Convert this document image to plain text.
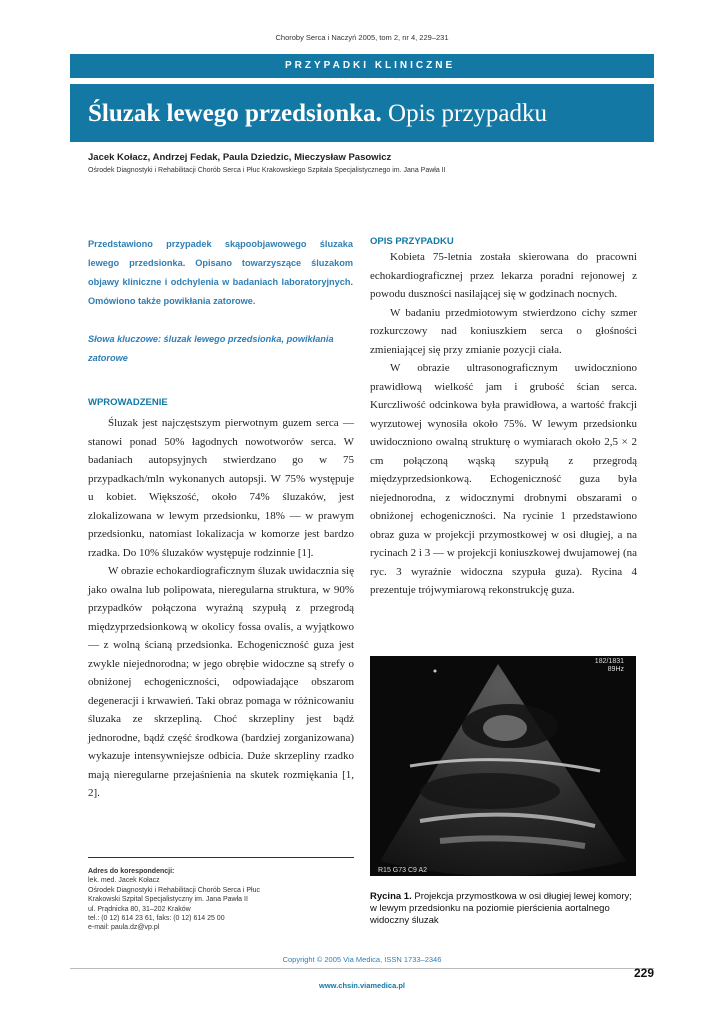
Choroby Serca i Naczyń 2005, tom 2, nr 4, 229–231
PRZYPADKI KLINICZNE
Śluzak lewego przedsionka. Opis przypadku
Jacek Kołacz, Andrzej Fedak, Paula Dziedzic, Mieczysław Pasowicz
Ośrodek Diagnostyki i Rehabilitacji Chorób Serca i Płuc Krakowskiego Szpitala Specjalistycznego im. Jana Pawła II
Przedstawiono przypadek skąpoobjawowego śluzaka lewego przedsionka. Opisano towarzyszące śluzakom objawy kliniczne i odchylenia w badaniach laboratoryjnych. Omówiono także powikłania zatorowe.
Słowa kluczowe: śluzak lewego przedsionka, powikłania zatorowe
WPROWADZENIE

Śluzak jest najczęstszym pierwotnym guzem serca — stanowi ponad 50% łagodnych nowotworów serca. W badaniach autopsyjnych stwierdzano go w 75 przypadkach/mln wykonanych autopsji. W 75% występuje u kobiet. Większość, około 74% śluzaków, jest zlokalizowana w lewym przedsionku, 18% — w prawym przedsionku, natomiast lokalizacja w komorze jest bardzo rzadka. Do 10% śluzaków występuje rodzinnie [1].

W obrazie echokardiograficznym śluzak uwidacznia się jako owalna lub polipowata, nieregularna struktura, w 90% przypadków połączona wyraźną szypułą z przegrodą międzyprzedsionkową w okolicy fossa ovalis, a wyjątkowo — z wolną ścianą przedsionka. Echogeniczność guza jest zwykle niejednorodna; w jego obrębie widoczne są strefy o obniżonej echogeniczności, odpowiadające obszarom degeneracji i krwawień. Taki obraz pomaga w różnicowaniu śluzaka ze skrzepliną. Choć skrzepliny jest bądź jednorodne, bądź część środkowa (bardziej zorganizowana) wykazuje intensywniejsze odbicia. Duże skrzepliny rzadko mają nieregularne przejaśnienia na skutek rozmiękania [1, 2].

OPIS PRZYPADKU

Kobieta 75-letnia została skierowana do pracowni echokardiograficznej przez lekarza poradni rejonowej z powodu duszności nasilającej się w godzinach nocnych.

W badaniu przedmiotowym stwierdzono cichy szmer rozkurczowy nad koniuszkiem serca o głośności zmieniającej się przy zmianie pozycji ciała.

W obrazie ultrasonograficznym uwidoczniono prawidłową wielkość jam i grubość ścian serca. Kurczliwość odcinkowa była prawidłowa, a wartość frakcji wyrzutowej wynosiła około 75%. W lewym przedsionku uwidoczniono owalną strukturę o wymiarach około 2,5 × 2 cm połączoną wąską szypułą z przegrodą międzyprzedsionkową. Echogeniczność guza była niejednorodna, z widocznymi drobnymi obszarami o obniżonej echogeniczności. Na rycinie 1 przedstawiono obraz guza w projekcji przymostkowej w osi długiej, a na rycinach 2 i 3 — w projekcji koniuszkowej dwujamowej (na ryc. 3 wyraźnie widoczna szypuła guza). Rycina 4 prezentuje trójwymiarową rekonstrukcję guza.

182/1831
89Hz
R15 G73 C9 A2
Rycina 1. Projekcja przymostkowa w osi długiej lewej komory; w lewym przedsionku na poziomie pierścienia aortalnego widoczny śluzak
Adres do korespondencji:
lek. med. Jacek Kołacz
Ośrodek Diagnostyki i Rehabilitacji Chorób Serca i Płuc
Krakowski Szpital Specjalistyczny im. Jana Pawła II
ul. Prądnicka 80, 31–202 Kraków
tel.: (0 12) 614 23 61, faks: (0 12) 614 25 00
e-mail: paula.dz@vp.pl
Copyright © 2005 Via Medica, ISSN 1733–2346
229
www.chsin.viamedica.pl
